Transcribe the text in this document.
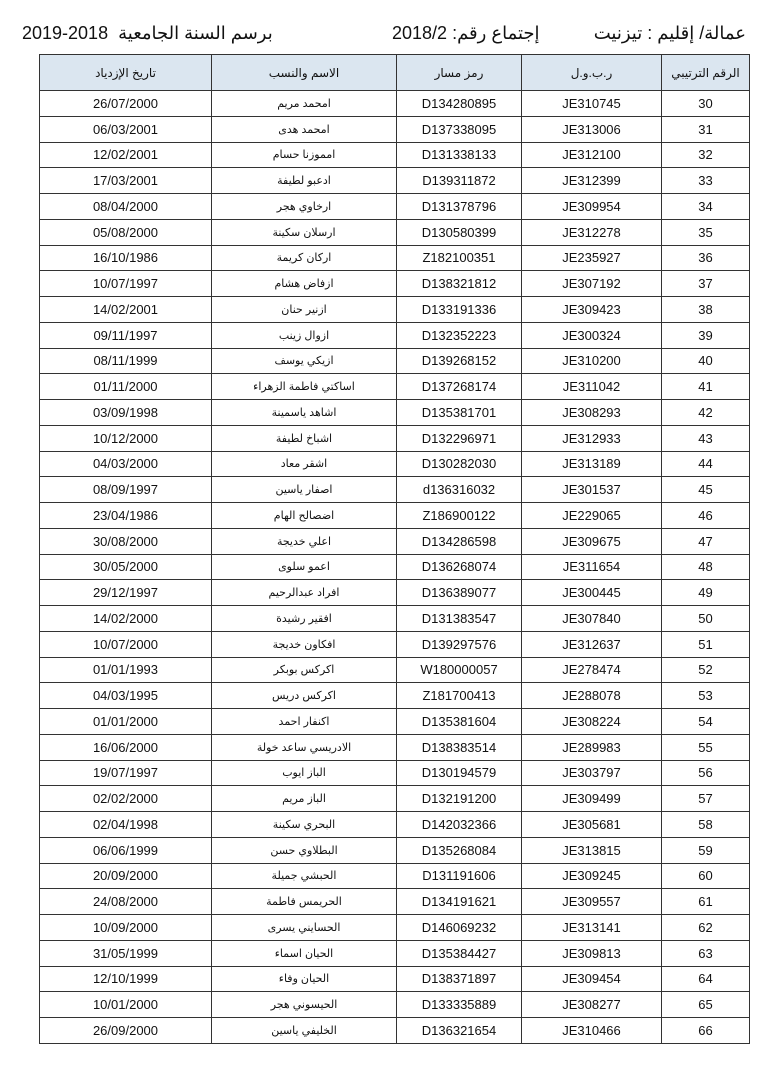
عمالة/ إقليم : تيزنيت
إجتماع رقم: 2018/2
برسم السنة الجامعية  2019-2018
الرقم الترتيبي	ر.ب.و.ل	رمز مسار	الاسم والنسب	تاريخ الإزدياد
30	JE310745	D134280895	امحمد مريم	26/07/2000
31	JE313006	D137338095	امحمد هدى	06/03/2001
32	JE312100	D131338133	امموزنا حسام	12/02/2001
33	JE312399	D139311872	ادعبو لطيفة	17/03/2001
34	JE309954	D131378796	ارخاوي هجر	08/04/2000
35	JE312278	D130580399	ارسلان سكينة	05/08/2000
36	JE235927	Z182100351	اركان كريمة	16/10/1986
37	JE307192	D138321812	ازفاض هشام	10/07/1997
38	JE309423	D133191336	ازنير حنان	14/02/2001
39	JE300324	D132352223	ازوال زينب	09/11/1997
40	JE310200	D139268152	ازيكي يوسف	08/11/1999
41	JE311042	D137268174	اساكتي فاطمة الزهراء	01/11/2000
42	JE308293	D135381701	اشاهد ياسمينة	03/09/1998
43	JE312933	D132296971	اشباخ لطيفة	10/12/2000
44	JE313189	D130282030	اشقر معاد	04/03/2000
45	JE301537	d136316032	اصفار ياسين	08/09/1997
46	JE229065	Z186900122	اضصالح الهام	23/04/1986
47	JE309675	D134286598	اعلي خديجة	30/08/2000
48	JE311654	D136268074	اعمو سلوى	30/05/2000
49	JE300445	D136389077	افراد عبدالرحيم	29/12/1997
50	JE307840	D131383547	افقير رشيدة	14/02/2000
51	JE312637	D139297576	افكاون خديجة	10/07/2000
52	JE278474	W180000057	اكركس بوبكر	01/01/1993
53	JE288078	Z181700413	اكركس دريس	04/03/1995
54	JE308224	D135381604	اكنفار احمد	01/01/2000
55	JE289983	D138383514	الادريسي ساعد خولة	16/06/2000
56	JE303797	D130194579	الباز ايوب	19/07/1997
57	JE309499	D132191200	الباز مريم	02/02/2000
58	JE305681	D142032366	البحري سكينة	02/04/1998
59	JE313815	D135268084	البطلاوي حسن	06/06/1999
60	JE309245	D131191606	الحبشي جميلة	20/09/2000
61	JE309557	D134191621	الحريمس فاطمة	24/08/2000
62	JE313141	D146069232	الحسايني يسرى	10/09/2000
63	JE309813	D135384427	الحيان اسماء	31/05/1999
64	JE309454	D138371897	الحيان وفاء	12/10/1999
65	JE308277	D133335889	الحيسوني هجر	10/01/2000
66	JE310466	D136321654	الخليفي ياسين	26/09/2000
